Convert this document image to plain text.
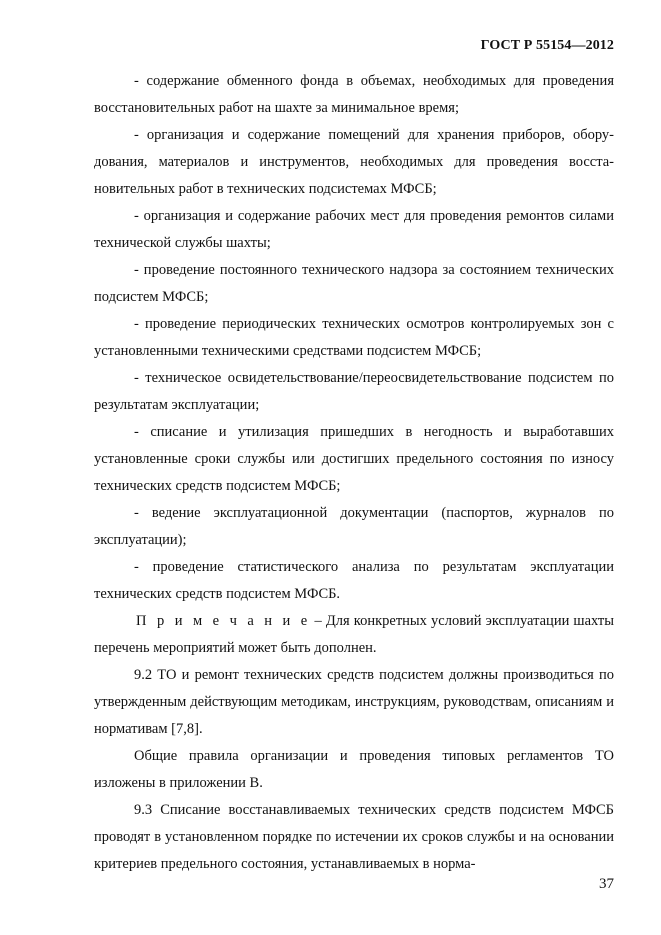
ГОСТ Р 55154—2012

- содержание обменного фонда в объемах, необходимых для проведения восстановительных работ на шахте за минимальное время;

- организация и содержание помещений для хранения приборов, оборудования, материалов и инструментов, необходимых для проведения восстановительных работ в технических подсистемах МФСБ;

- организация и содержание рабочих мест для проведения ремонтов силами технической службы шахты;

- проведение постоянного технического надзора за состоянием технических подсистем МФСБ;

- проведение периодических технических осмотров контролируемых зон с установленными техническими средствами подсистем МФСБ;

- техническое освидетельствование/переосвидетельствование подсистем по результатам эксплуатации;

- списание и утилизация пришедших в негодность и выработавших установленные сроки службы или достигших предельного состояния по износу технических средств подсистем МФСБ;

- ведение эксплуатационной документации (паспортов, журналов по эксплуатации);

- проведение статистического анализа по результатам эксплуатации технических средств подсистем МФСБ.

П р и м е ч а н и е – Для конкретных условий эксплуатации шахты перечень мероприятий может быть дополнен.

9.2 ТО и ремонт технических средств подсистем должны производиться по утвержденным действующим методикам, инструкциям, руководствам, описаниям и нормативам [7,8].

Общие правила организации и проведения типовых регламентов ТО изложены в приложении В.

9.3 Списание восстанавливаемых технических средств подсистем МФСБ проводят в установленном порядке по истечении их сроков службы и на основании критериев предельного состояния, устанавливаемых в норма-

37
